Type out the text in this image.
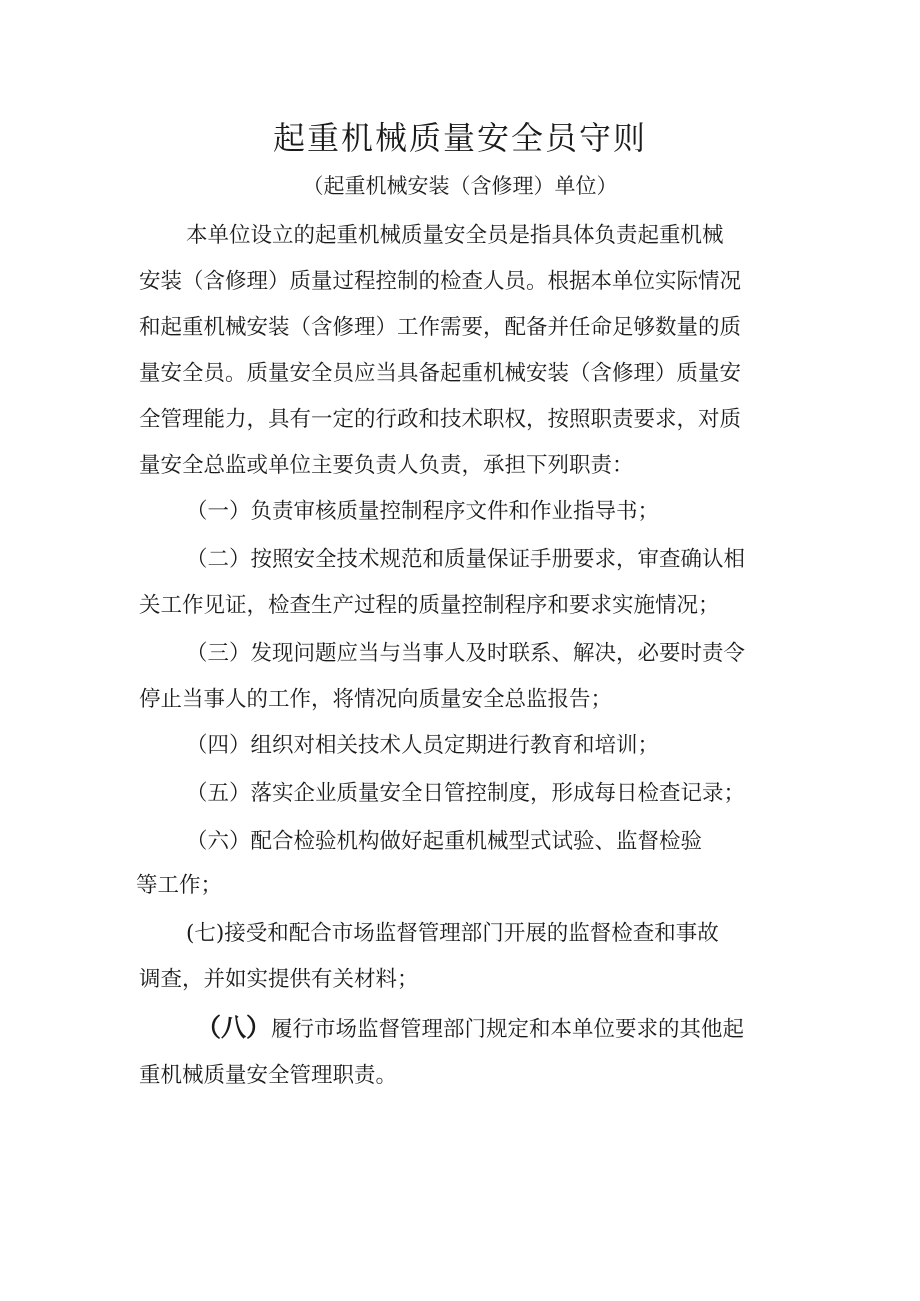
起重机械质量安全员守则
（起重机械安装（含修理）单位）
本单位设立的起重机械质量安全员是指具体负责起重机械
安装（含修理）质量过程控制的检查人员。根据本单位实际情况
和起重机械安装（含修理）工作需要，配备并任命足够数量的质
量安全员。质量安全员应当具备起重机械安装（含修理）质量安
全管理能力，具有一定的行政和技术职权，按照职责要求，对质
量安全总监或单位主要负责人负责，承担下列职责：
（一）负责审核质量控制程序文件和作业指导书；
（二）按照安全技术规范和质量保证手册要求，审查确认相
关工作见证，检查生产过程的质量控制程序和要求实施情况；
（三）发现问题应当与当事人及时联系、解决，必要时责令
停止当事人的工作，将情况向质量安全总监报告；
（四）组织对相关技术人员定期进行教育和培训；
（五）落实企业质量安全日管控制度，形成每日检查记录；
（六）配合检验机构做好起重机械型式试验、监督检验
等工作；
(七)接受和配合市场监督管理部门开展的监督检查和事故
调查，并如实提供有关材料；
（八）履行市场监督管理部门规定和本单位要求的其他起
重机械质量安全管理职责。
